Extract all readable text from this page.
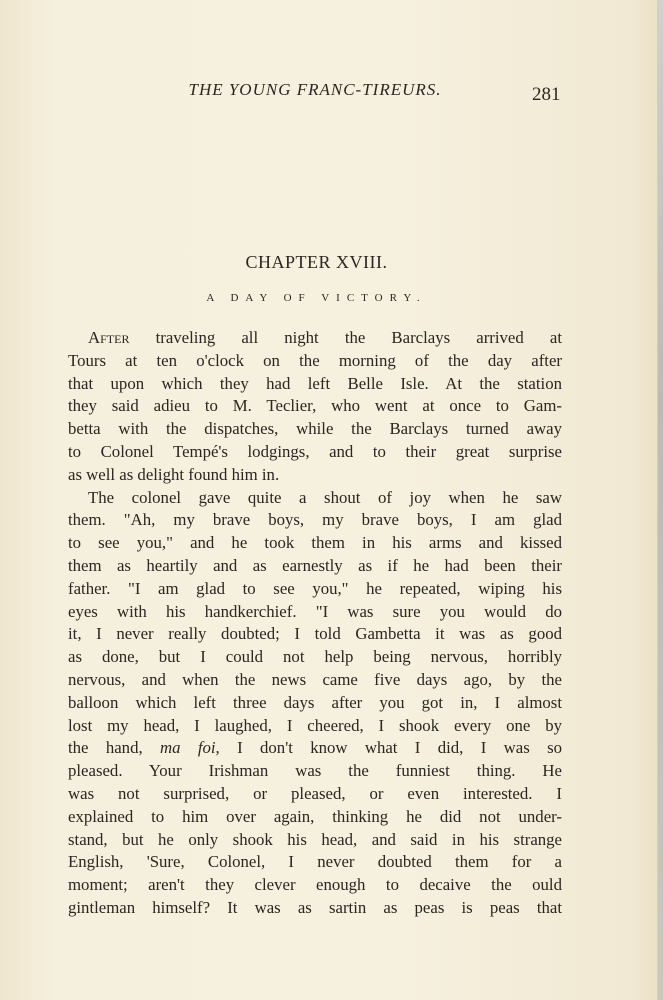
THE YOUNG FRANC-TIREURS.	281
CHAPTER XVIII.
A DAY OF VICTORY.
After traveling all night the Barclays arrived at
Tours at ten o'clock on the morning of the day after
that upon which they had left Belle Isle. At the station
they said adieu to M. Teclier, who went at once to Gam-
betta with the dispatches, while the Barclays turned away
to Colonel Tempé's lodgings, and to their great surprise
as well as delight found him in.
The colonel gave quite a shout of joy when he saw
them. "Ah, my brave boys, my brave boys, I am glad
to see you," and he took them in his arms and kissed
them as heartily and as earnestly as if he had been their
father. "I am glad to see you," he repeated, wiping his
eyes with his handkerchief. "I was sure you would do
it, I never really doubted; I told Gambetta it was as good
as done, but I could not help being nervous, horribly
nervous, and when the news came five days ago, by the
balloon which left three days after you got in, I almost
lost my head, I laughed, I cheered, I shook every one by
the hand, ma foi, I don't know what I did, I was so
pleased. Your Irishman was the funniest thing. He
was not surprised, or pleased, or even interested. I
explained to him over again, thinking he did not under-
stand, but he only shook his head, and said in his strange
English, 'Sure, Colonel, I never doubted them for a
moment; aren't they clever enough to decaive the ould
gintleman himself? It was as sartin as peas is peas that
